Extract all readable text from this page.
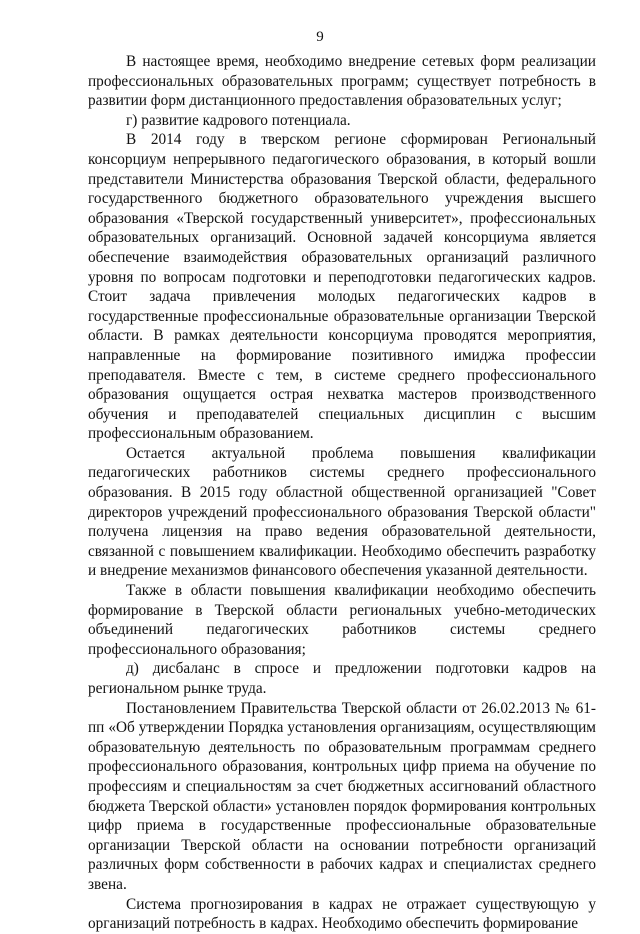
9

В настоящее время, необходимо внедрение сетевых форм реализации профессиональных образовательных программ; существует потребность в развитии форм дистанционного предоставления образовательных услуг;

г) развитие кадрового потенциала.

В 2014 году в тверском регионе сформирован Региональный консорциум непрерывного педагогического образования, в который вошли представители Министерства образования Тверской области, федерального государственного бюджетного образовательного учреждения высшего образования «Тверской государственный университет», профессиональных образовательных организаций. Основной задачей консорциума является обеспечение взаимодействия образовательных организаций различного уровня по вопросам подготовки и переподготовки педагогических кадров. Стоит задача привлечения молодых педагогических кадров в государственные профессиональные образовательные организации Тверской области. В рамках деятельности консорциума проводятся мероприятия, направленные на формирование позитивного имиджа профессии преподавателя. Вместе с тем, в системе среднего профессионального образования ощущается острая нехватка мастеров производственного обучения и преподавателей специальных дисциплин с высшим профессиональным образованием.

Остается актуальной проблема повышения квалификации педагогических работников системы среднего профессионального образования. В 2015 году областной общественной организацией "Совет директоров учреждений профессионального образования Тверской области" получена лицензия на право ведения образовательной деятельности, связанной с повышением квалификации. Необходимо обеспечить разработку и внедрение механизмов финансового обеспечения указанной деятельности.

Также в области повышения квалификации необходимо обеспечить формирование в Тверской области региональных учебно-методических объединений педагогических работников системы среднего профессионального образования;

д) дисбаланс в спросе и предложении подготовки кадров на региональном рынке труда.

Постановлением Правительства Тверской области от 26.02.2013 № 61-пп «Об утверждении Порядка установления организациям, осуществляющим образовательную деятельность по образовательным программам среднего профессионального образования, контрольных цифр приема на обучение по профессиям и специальностям за счет бюджетных ассигнований областного бюджета Тверской области» установлен порядок формирования контрольных цифр приема в государственные профессиональные образовательные организации Тверской области на основании потребности организаций различных форм собственности в рабочих кадрах и специалистах среднего звена.

Система прогнозирования в кадрах не отражает существующую у организаций потребность в кадрах. Необходимо обеспечить формирование
